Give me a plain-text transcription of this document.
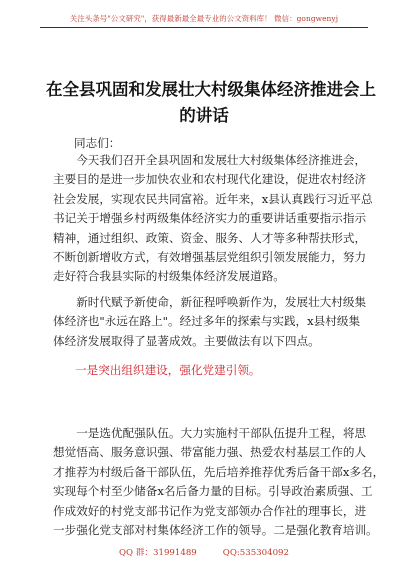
关注头条号"公文研究"，获得最新最全最专业的公文资料库！ 微信：gongwenyj
在全县巩固和发展壮大村级集体经济推进会上
的讲话
同志们：
　　今天我们召开全县巩固和发展壮大村级集体经济推进会，
主要目的是进一步加快农业和农村现代化建设，促进农村经济
社会发展，实现农民共同富裕。近年来，x县认真践行习近平总
书记关于增强乡村两级集体经济实力的重要讲话重要指示指示
精神，通过组织、政策、资金、服务、人才等多种帮扶形式，
不断创新增收方式，有效增强基层党组织引领发展能力，努力
走好符合我县实际的村级集体经济发展道路。
　　新时代赋予新使命，新征程呼唤新作为，发展壮大村级集
体经济也"永远在路上"。经过多年的探索与实践，x县村级集
体经济发展取得了显著成效。主要做法有以下四点。
一是突出组织建设，强化党建引领。
　　一是选优配强队伍。大力实施村干部队伍提升工程，将思
想觉悟高、服务意识强、带富能力强、热爱农村基层工作的人
才推荐为村级后备干部队伍，先后培养推荐优秀后备干部x多名，
实现每个村至少储备x名后备力量的目标。引导政治素质强、工
作成效好的村党支部书记作为党支部领办合作社的理事长，进
一步强化党支部对村集体经济工作的领导。二是强化教育培训。
QQ 群：31991489	QQ:535304092
